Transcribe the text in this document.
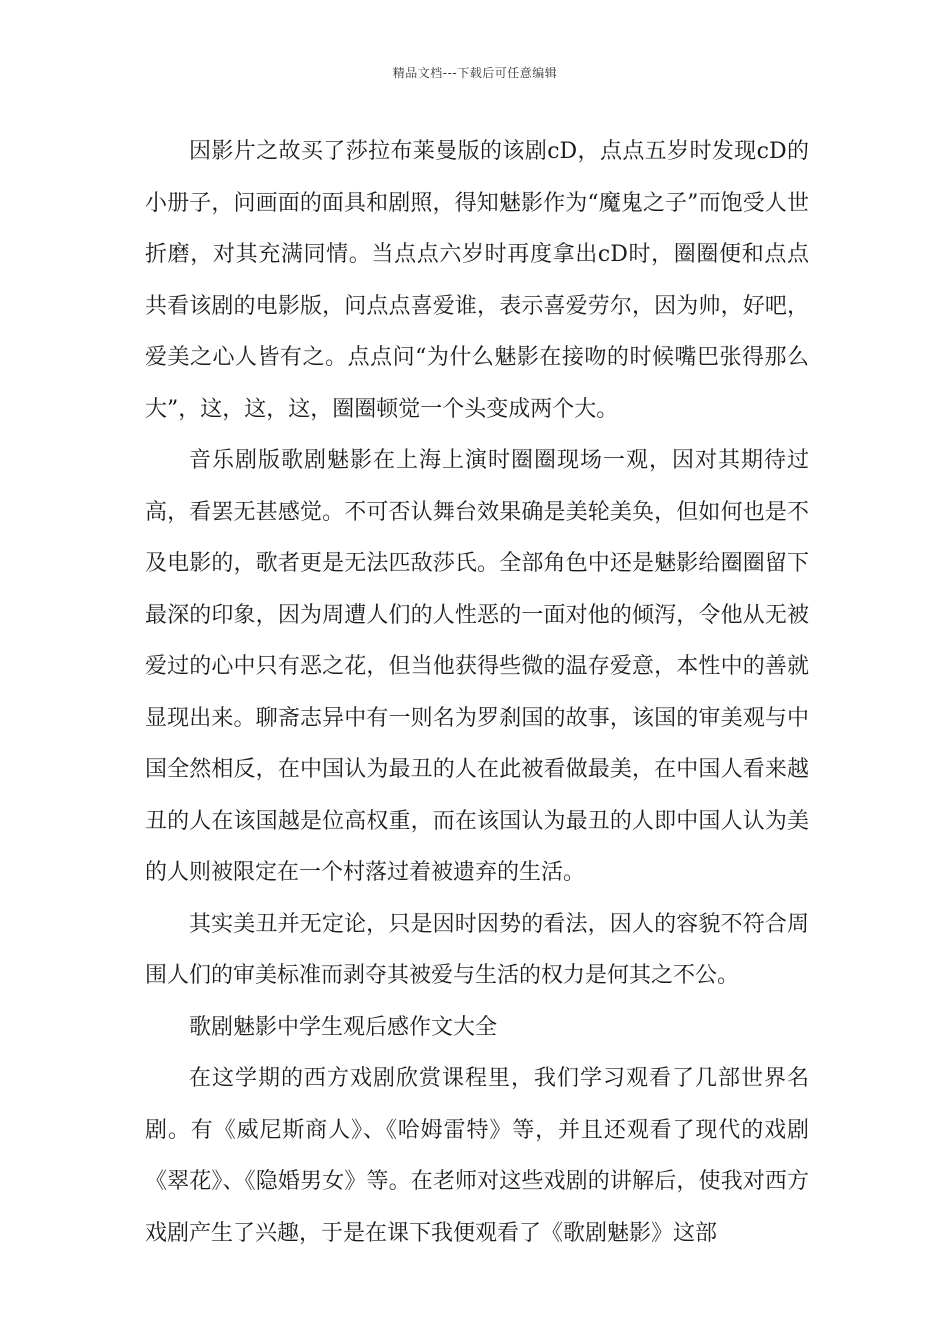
精品文档---下载后可任意编辑

因影片之故买了莎拉布莱曼版的该剧cD，点点五岁时发现cD的小册子，问画面的面具和剧照，得知魅影作为“魔鬼之子”而饱受人世折磨，对其充满同情。当点点六岁时再度拿出cD时，圈圈便和点点共看该剧的电影版，问点点喜爱谁，表示喜爱劳尔，因为帅，好吧，爱美之心人皆有之。点点问“为什么魅影在接吻的时候嘴巴张得那么大”，这，这，这，圈圈顿觉一个头变成两个大。

音乐剧版歌剧魅影在上海上演时圈圈现场一观，因对其期待过高，看罢无甚感觉。不可否认舞台效果确是美轮美奂，但如何也是不及电影的，歌者更是无法匹敌莎氏。全部角色中还是魅影给圈圈留下最深的印象，因为周遭人们的人性恶的一面对他的倾泻，令他从无被爱过的心中只有恶之花，但当他获得些微的温存爱意，本性中的善就显现出来。聊斋志异中有一则名为罗刹国的故事，该国的审美观与中国全然相反，在中国认为最丑的人在此被看做最美，在中国人看来越丑的人在该国越是位高权重，而在该国认为最丑的人即中国人认为美的人则被限定在一个村落过着被遗弃的生活。

其实美丑并无定论，只是因时因势的看法，因人的容貌不符合周围人们的审美标准而剥夺其被爱与生活的权力是何其之不公。

歌剧魅影中学生观后感作文大全

在这学期的西方戏剧欣赏课程里，我们学习观看了几部世界名剧。有《威尼斯商人》、《哈姆雷特》等，并且还观看了现代的戏剧《翠花》、《隐婚男女》等。在老师对这些戏剧的讲解后，使我对西方戏剧产生了兴趣，于是在课下我便观看了《歌剧魅影》这部
